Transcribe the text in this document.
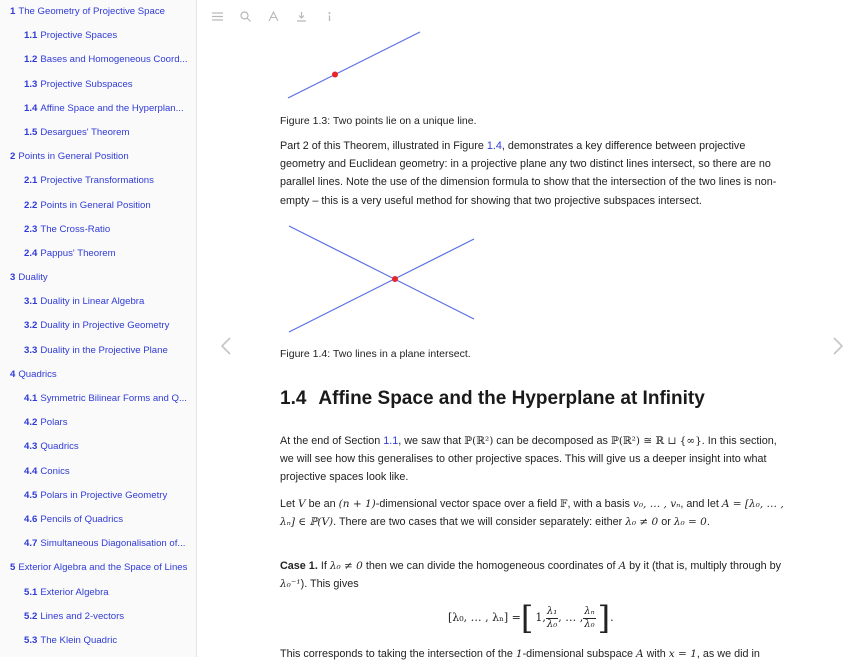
1 The Geometry of Projective Space
1.1 Projective Spaces
1.2 Bases and Homogeneous Coord...
1.3 Projective Subspaces
1.4 Affine Space and the Hyperplan...
1.5 Desargues' Theorem
2 Points in General Position
2.1 Projective Transformations
2.2 Points in General Position
2.3 The Cross-Ratio
2.4 Pappus' Theorem
3 Duality
3.1 Duality in Linear Algebra
3.2 Duality in Projective Geometry
3.3 Duality in the Projective Plane
4 Quadrics
4.1 Symmetric Bilinear Forms and Q...
4.2 Polars
4.3 Quadrics
4.4 Conics
4.5 Polars in Projective Geometry
4.6 Pencils of Quadrics
4.7 Simultaneous Diagonalisation of...
5 Exterior Algebra and the Space of Lines
5.1 Exterior Algebra
5.2 Lines and 2-vectors
5.3 The Klein Quadric
Figure 1.3: Two points lie on a unique line.
Part 2 of this Theorem, illustrated in Figure 1.4, demonstrates a key difference between projective geometry and Euclidean geometry: in a projective plane any two distinct lines intersect, so there are no parallel lines. Note the use of the dimension formula to show that the intersection of the two lines is non-empty – this is a very useful method for showing that two projective subspaces intersect.
Figure 1.4: Two lines in a plane intersect.
1.4 Affine Space and the Hyperplane at Infinity
At the end of Section 1.1, we saw that ℙ(ℝ²) can be decomposed as ℙ(ℝ²) ≅ ℝ ⊔ {∞}. In this section, we will see how this generalises to other projective spaces. This will give us a deeper insight into what projective spaces look like.
Let V be an (n + 1)-dimensional vector space over a field 𝔽, with a basis v₀, … , vₙ, and let A = [λ₀, … , λₙ] ∈ ℙ(V). There are two cases that we will consider separately: either λ₀ ≠ 0 or λ₀ = 0.
Case 1. If λ₀ ≠ 0 then we can divide the homogeneous coordinates of A by it (that is, multiply through by λ₀⁻¹). This gives
[λ₀, … , λₙ] = [ 1, λ₁
λ₀
, … , λₙ
λ₀ ] .
This corresponds to taking the intersection of the 1-dimensional subspace A with x = 1, as we did in
